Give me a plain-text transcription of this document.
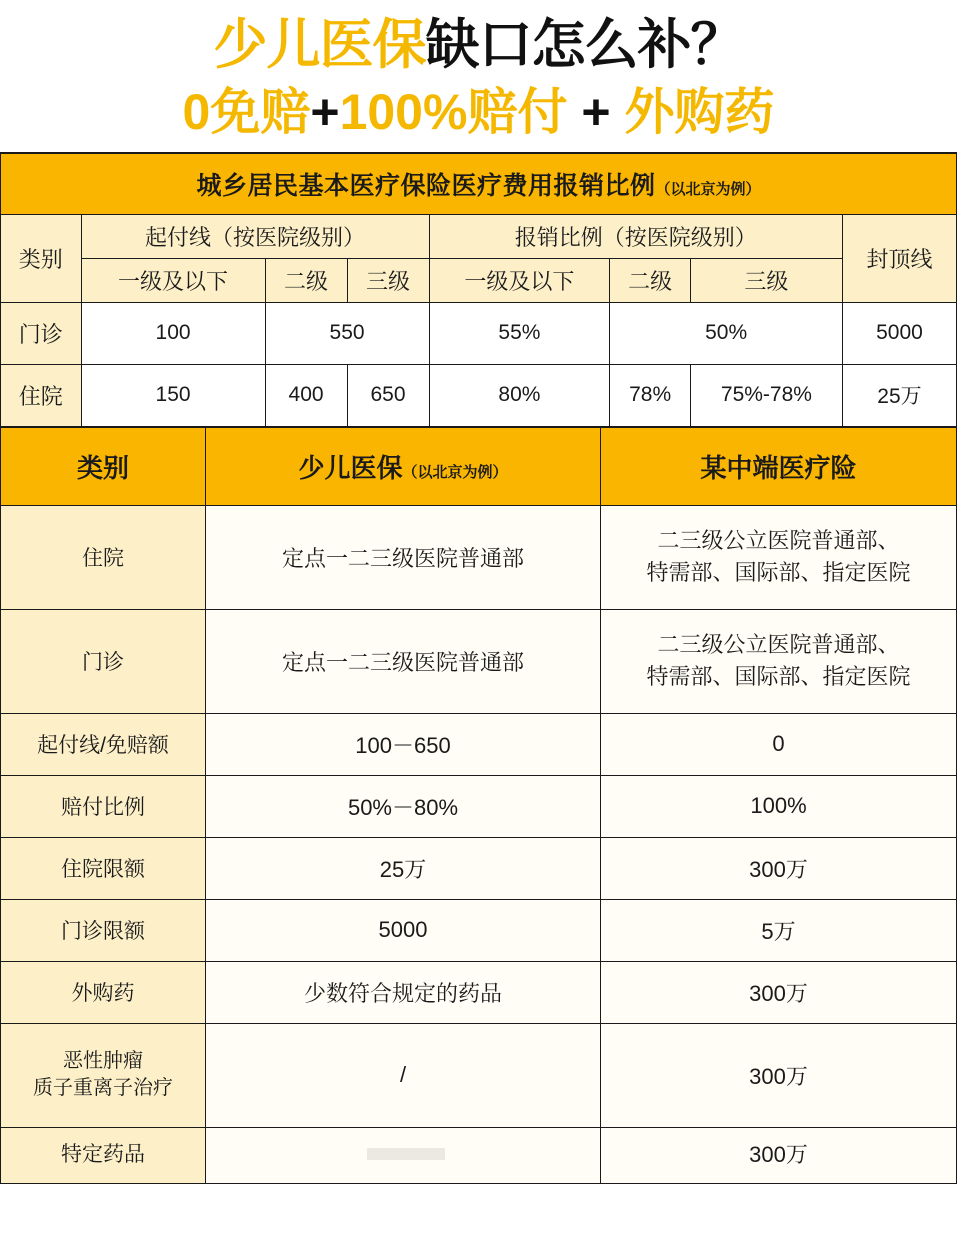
少儿医保缺口怎么补？
0免赔+100%赔付 + 外购药
城乡居民基本医疗保险医疗费用报销比例（以北京为例）							
类别	起付线（按医院级别）			报销比例（按医院级别）			封顶线
	一级及以下	二级	三级	一级及以下	二级	三级	
门诊	100	550		55%	50%		5000
住院	150	400	650	80%	78%	75%-78%	25万
类别	少儿医保（以北京为例）	某中端医疗险
住院	定点一二三级医院普通部	二三级公立医院普通部、
特需部、国际部、指定医院

门诊	定点一二三级医院普通部	二三级公立医院普通部、
特需部、国际部、指定医院

起付线/免赔额	100－650	0
赔付比例	50%－80%	100%
住院限额	25万	300万
门诊限额	5000	5万
外购药	少数符合规定的药品	300万

恶性肿瘤
质子重离子治疗	/	300万
特定药品		300万
